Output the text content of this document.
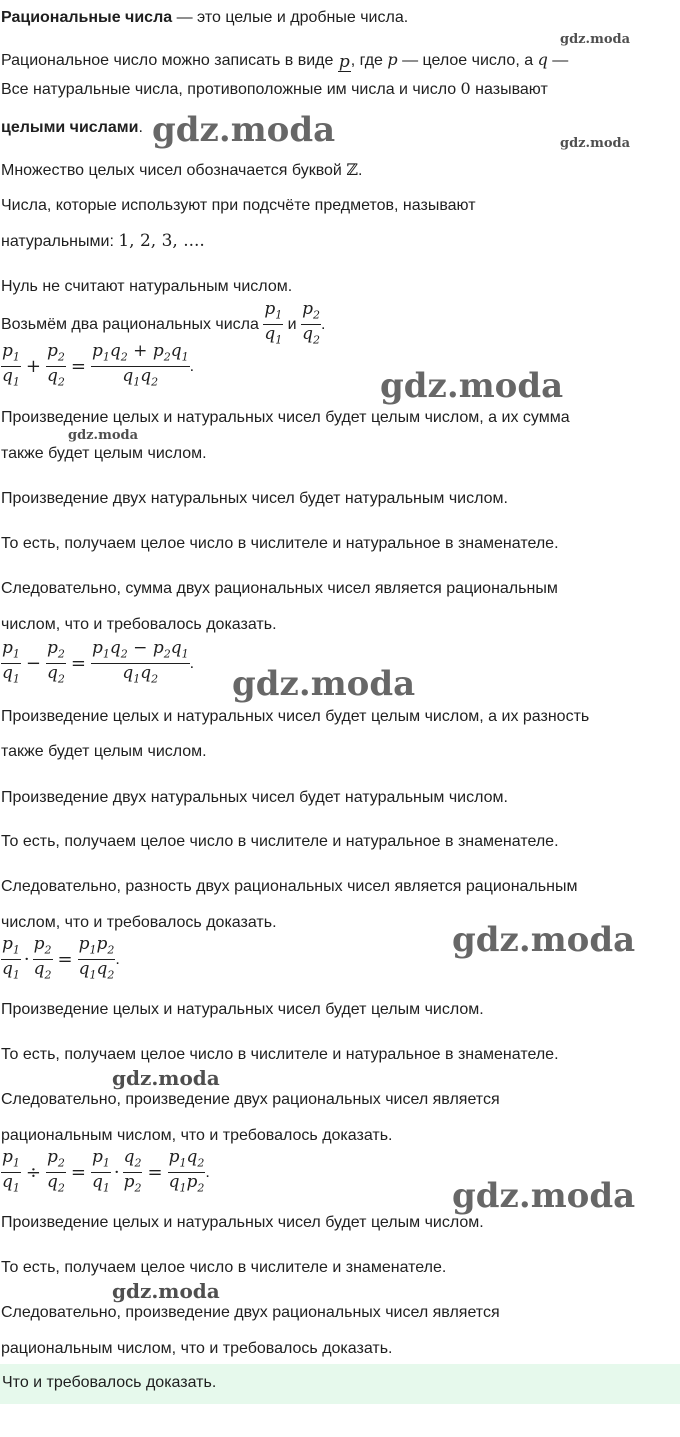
Рациональные числа — это целые и дробные числа.
Рациональное число можно записать в виде p , где p — целое число, а q —
Все натуральные числа, противоположные им числа и число 0 называют
целыми числами.
Множество целых чисел обозначается буквой ℤ.
Числа, которые используют при подсчёте предметов, называют
натуральными: 1, 2, 3, ....
Нуль не считают натуральным числом.
Возьмём два рациональных числа $\frac{p_1}{q_1}$ и $\frac{p_2}{q_2}$ .
$\frac{p_1}{q_1} + \frac{p_2}{q_2} = \frac{p_1q_2 + p_2q_1}{q_1q_2}$ .
Произведение целых и натуральных чисел будет целым числом, а их сумма
также будет целым числом.
Произведение двух натуральных чисел будет натуральным числом.
То есть, получаем целое число в числителе и натуральное в знаменателе.
Следовательно, сумма двух рациональных чисел является рациональным
числом, что и требовалось доказать.
$\frac{p_1}{q_1} - \frac{p_2}{q_2} = \frac{p_1q_2 - p_2q_1}{q_1q_2}$ .
Произведение целых и натуральных чисел будет целым числом, а их разность
также будет целым числом.
Произведение двух натуральных чисел будет натуральным числом.
То есть, получаем целое число в числителе и натуральное в знаменателе.
Следовательно, разность двух рациональных чисел является рациональным
числом, что и требовалось доказать.
$\frac{p_1}{q_1} \cdot \frac{p_2}{q_2} = \frac{p_1p_2}{q_1q_2}$ .
Произведение целых и натуральных чисел будет целым числом.
То есть, получаем целое число в числителе и натуральное в знаменателе.
Следовательно, произведение двух рациональных чисел является
рациональным числом, что и требовалось доказать.
$\frac{p_1}{q_1} \div \frac{p_2}{q_2} = \frac{p_1}{q_1} \cdot \frac{q_2}{p_2} = \frac{p_1q_2}{q_1p_2}$ .
Произведение целых и натуральных чисел будет целым числом.
То есть, получаем целое число в числителе и знаменателе.
Следовательно, произведение двух рациональных чисел является
рациональным числом, что и требовалось доказать.
Что и требовалось доказать.
gdz.moda
gdz.moda	gdz.moda
gdz.moda
gdz.moda
gdz.moda
gdz.moda
gdz.moda
gdz.moda
gdz.moda
